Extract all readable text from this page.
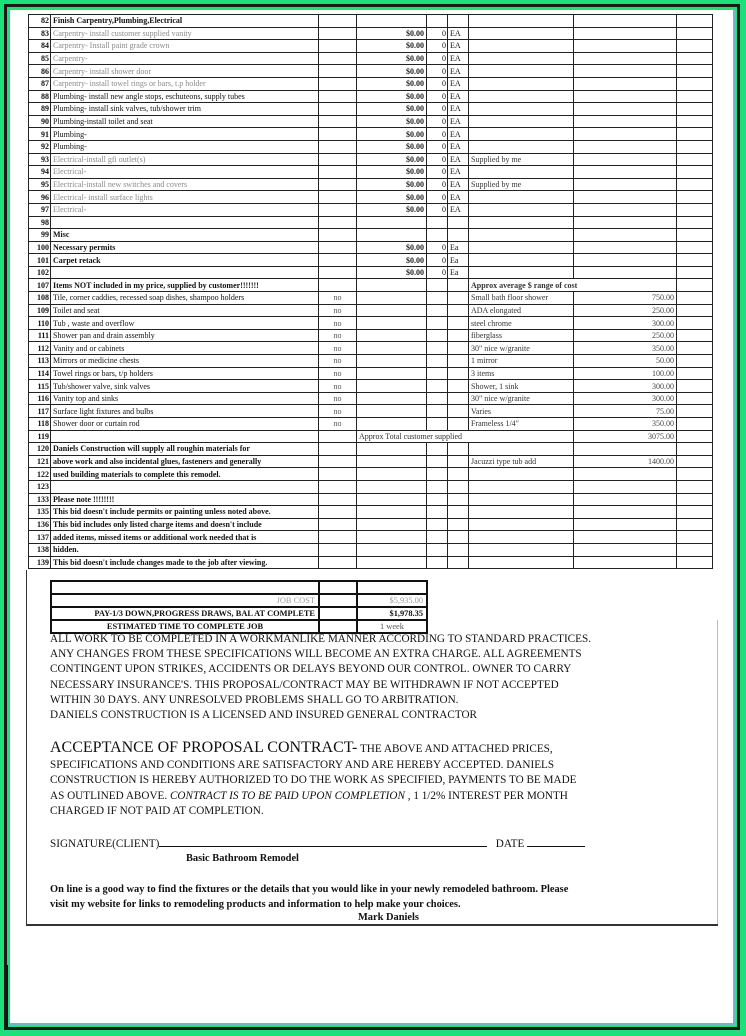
82	Finish Carpentry,Plumbing,Electrical							
83	Carpentry- install customer supplied vanity		$0.00	0	EA			
84	Carpentry- Install paint grade crown		$0.00	0	EA			
85	Carpentry-		$0.00	0	EA			
86	Carpentry- install shower door		$0.00	0	EA			
87	Carpentry- install towel rings or bars, t.p holder		$0.00	0	EA			
88	Plumbing- install new angle stops, eschuteons, supply tubes		$0.00	0	EA			
89	Plumbing- install sink valves, tub/shower trim		$0.00	0	EA			
90	Plumbing-install toilet and seat		$0.00	0	EA			
91	Plumbing-		$0.00	0	EA			
92	Plumbing-		$0.00	0	EA			
93	Electrical-install gfi outlet(s)		$0.00	0	EA	Supplied by me		
94	Electrical-		$0.00	0	EA			
95	Electrical-install new switches and covers		$0.00	0	EA	Supplied by me		
96	Electrical- install surface lights		$0.00	0	EA			
97	Electrical-		$0.00	0	EA			
98								
99	Misc							
100	Necessary permits		$0.00	0	Ea			
101	Carpet retack		$0.00	0	Ea			
102			$0.00	0	Ea			
107	Items NOT included in my price, supplied by customer!!!!!!!					Approx average $ range of cost		
108	Tile, corner caddies, recessed soap dishes, shampoo holders	no				Small bath floor shower	750.00	
109	Toilet and seat	no				ADA elongated	250.00	
110	Tub , waste and overflow	no				steel chrome	300.00	
111	Shower pan and drain assembly	no				fiberglass	250.00	
112	Vanity and or cabinets	no				30" nice w/granite	350.00	
113	Mirrors or medicine chests	no				1 mirror	50.00	
114	Towel rings or bars, t/p holders	no				3 items	100.00	
115	Tub/shower valve, sink valves	no				Shower, 1 sink	300.00	
116	Vanity top and sinks	no				30" nice w/granite	300.00	
117	Surface light fixtures and bulbs	no				Varies	75.00	
118	Shower door or curtain rod	no				Frameless 1/4"	350.00	
119			Approx Total customer supplied				3075.00	
120	Daniels Construction will supply all roughin materials for							
121	above work and also incidental glues, fasteners and generally					Jacuzzi type tub add	1400.00	
122	used building materials to complete this remodel.							
123								
133	Please note !!!!!!!!							
135	This bid doesn't include permits or painting unless noted above.							
136	This bid includes only listed charge items and doesn't include							
137	added items, missed items or additional work needed that is							
138	hidden.							
139	This bid doesn't include changes made to the job after viewing.							

JOB COST		$5,935.00
PAY-1/3 DOWN,PROGRESS DRAWS, BAL AT COMPLETE		$1,978.35
ESTIMATED TIME TO COMPLETE JOB		1 week
ALL WORK TO BE COMPLETED IN A WORKMANLIKE MANNER ACCORDING TO STANDARD PRACTICES.
ANY CHANGES FROM THESE SPECIFICATIONS WILL BECOME AN EXTRA CHARGE. ALL AGREEMENTS
CONTINGENT UPON STRIKES, ACCIDENTS OR DELAYS BEYOND OUR CONTROL. OWNER TO CARRY
NECESSARY INSURANCE'S. THIS PROPOSAL/CONTRACT MAY BE WITHDRAWN IF NOT ACCEPTED
WITHIN 30 DAYS. ANY UNRESOLVED PROBLEMS SHALL GO TO ARBITRATION.
DANIELS CONSTRUCTION IS A LICENSED AND INSURED GENERAL CONTRACTOR
ACCEPTANCE OF PROPOSAL CONTRACT- THE ABOVE AND ATTACHED PRICES,
SPECIFICATIONS AND CONDITIONS ARE SATISFACTORY AND ARE HEREBY ACCEPTED. DANIELS
CONSTRUCTION IS HEREBY AUTHORIZED TO DO THE WORK AS SPECIFIED, PAYMENTS TO BE MADE
AS OUTLINED ABOVE. CONTRACT IS TO BE PAID UPON COMPLETION , 1 1/2% INTEREST PER MONTH
CHARGED IF NOT PAID AT COMPLETION.
SIGNATURE(CLIENT)	DATE
Basic Bathroom Remodel
On line is a good way to find the fixtures or the details that you would like in your newly remodeled bathroom. Please
visit my website for links to remodeling products and information to help make your choices.
Mark Daniels
